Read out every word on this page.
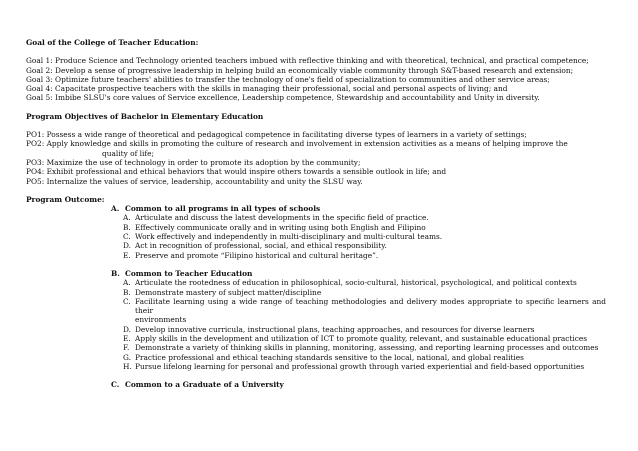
Goal of the College of Teacher Education:

Goal 1:
Produce Science and Technology oriented teachers imbued with reflective thinking and with theoretical, technical, and practical competence;
Goal 2:
Develop a sense of progressive leadership in helping build an economically viable community through S&T-based research and extension;
Goal 3:
Optimize future teachers' abilities to transfer the technology of one's field of specialization to communities and other service areas;
Goal 4:
Capacitate prospective teachers with the skills in managing their professional, social and personal aspects of living; and
Goal 5:
Imbibe SLSU's core values of Service excellence, Leadership competence, Stewardship and accountability and Unity in diversity.

Program Objectives of Bachelor in Elementary Education

PO1:
Possess a wide range of theoretical and pedagogical competence in facilitating diverse types of learners in a variety of settings;
PO2:
Apply knowledge and skills in promoting the culture of research and involvement in extension activities as a means of helping improve the
quality of life;
PO3:
Maximize the use of technology in order to promote its adoption by the community;
PO4:
Exhibit professional and ethical behaviors that would inspire others towards a sensible outlook in life; and
PO5:
Internalize the values of service, leadership, accountability and unity the SLSU way.

Program Outcome:

A. Common to all programs in all types of schools
A. Articulate and discuss the latest developments in the specific field of practice.
B. Effectively communicate orally and in writing using both English and Filipino
C. Work effectively and independently in multi-disciplinary and multi-cultural teams.
D. Act in recognition of professional, social, and ethical responsibility.
E. Preserve and promote “Filipino historical and cultural heritage”.
B. Common to Teacher Education
A. Articulate the rootedness of education in philosophical, socio-cultural, historical, psychological, and political contexts
B. Demonstrate mastery of subject matter/discipline
C. Facilitate learning using a wide range of teaching methodologies and delivery modes appropriate to specific learners and their
environments
D. Develop innovative curricula, instructional plans, teaching approaches, and resources for diverse learners
E. Apply skills in the development and utilization of ICT to promote quality, relevant, and sustainable educational practices
F. Demonstrate a variety of thinking skills in planning, monitoring, assessing, and reporting learning processes and outcomes
G. Practice professional and ethical teaching standards sensitive to the local, national, and global realities
H. Pursue lifelong learning for personal and professional growth through varied experiential and field-based opportunities
C. Common to a Graduate of a University
